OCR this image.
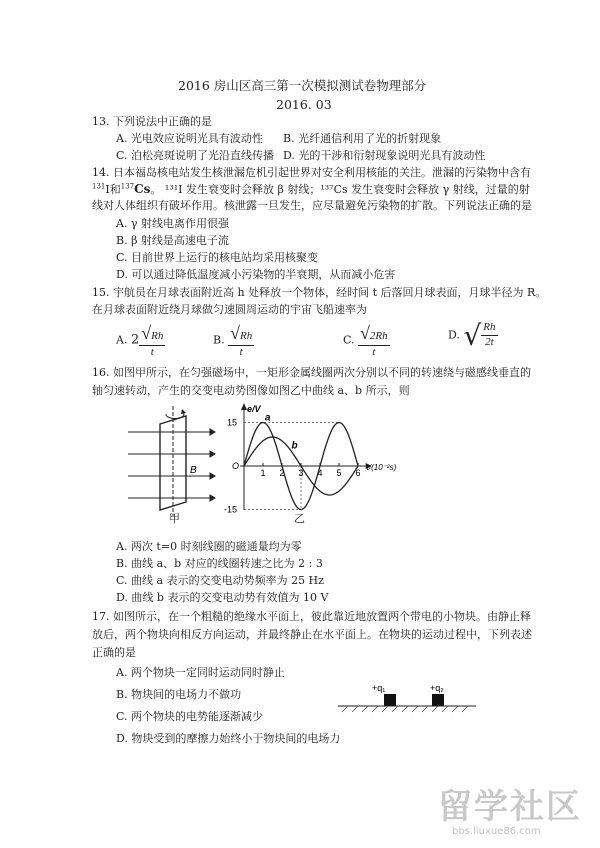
2016 房山区高三第一次模拟测试卷物理部分
2016. 03
13. 下列说法中正确的是
A. 光电效应说明光具有波动性 B. 光纤通信利用了光的折射现象
C. 泊松亮斑说明了光沿直线传播 D. 光的干涉和衍射现象说明光具有波动性
14. 日本福岛核电站发生核泄漏危机引起世界对安全利用核能的关注。泄漏的污染物中含有
$^{131}$I和$^{137}$Cs。 ¹³¹I 发生衰变时会释放 β 射线；¹³⁷Cs 发生衰变时会释放 γ 射线，过量的射
线对人体组织有破坏作用。核泄露一旦发生，应尽量避免污染物的扩散。下列说法正确的是
A. γ 射线电离作用很强
B. β 射线是高速电子流
C. 目前世界上运行的核电站均采用核聚变
D. 可以通过降低温度减小污染物的半衰期，从而减小危害
15. 宇航员在月球表面附近高 h 处释放一个物体，经时间 t 后落回月球表面，月球半径为 R。
在月球表面附近绕月球做匀速圆周运动的宇宙飞船速率为
A. $2 \frac{√Rh}{t}$	B. $\frac{√Rh}{t}$	C. $\frac{√2Rh}{t}$	D. √ $\frac{Rh}{2t}$
16. 如图甲所示，在匀强磁场中，一矩形金属线圈两次分别以不同的转速绕与磁感线垂直的
轴匀速转动，产生的交变电动势图像如图乙中曲线 a、b 所示，则
B
甲
1 2 3 4 5 6
15
-15
O
e/V
t/(10⁻²s)
a
b
乙
A. 两次 t=0 时刻线圈的磁通量均为零
B. 曲线 a、b 对应的线圈转速之比为 2 : 3
C. 曲线 a 表示的交变电动势频率为 25 Hz
D. 曲线 b 表示的交变电动势有效值为 10 V
17. 如图所示，在一个粗糙的绝缘水平面上，彼此靠近地放置两个带电的小物块。由静止释
放后，两个物块向相反方向运动，并最终静止在水平面上。在物块的运动过程中，下列表述
正确的是
A. 两个物块一定同时运动同时静止
B. 物块间的电场力不做功
C. 两个物块的电势能逐渐减少
D. 物块受到的摩擦力始终小于物块间的电场力
+q₁	+q₂
留学社区
bbs.liuxue86.com
